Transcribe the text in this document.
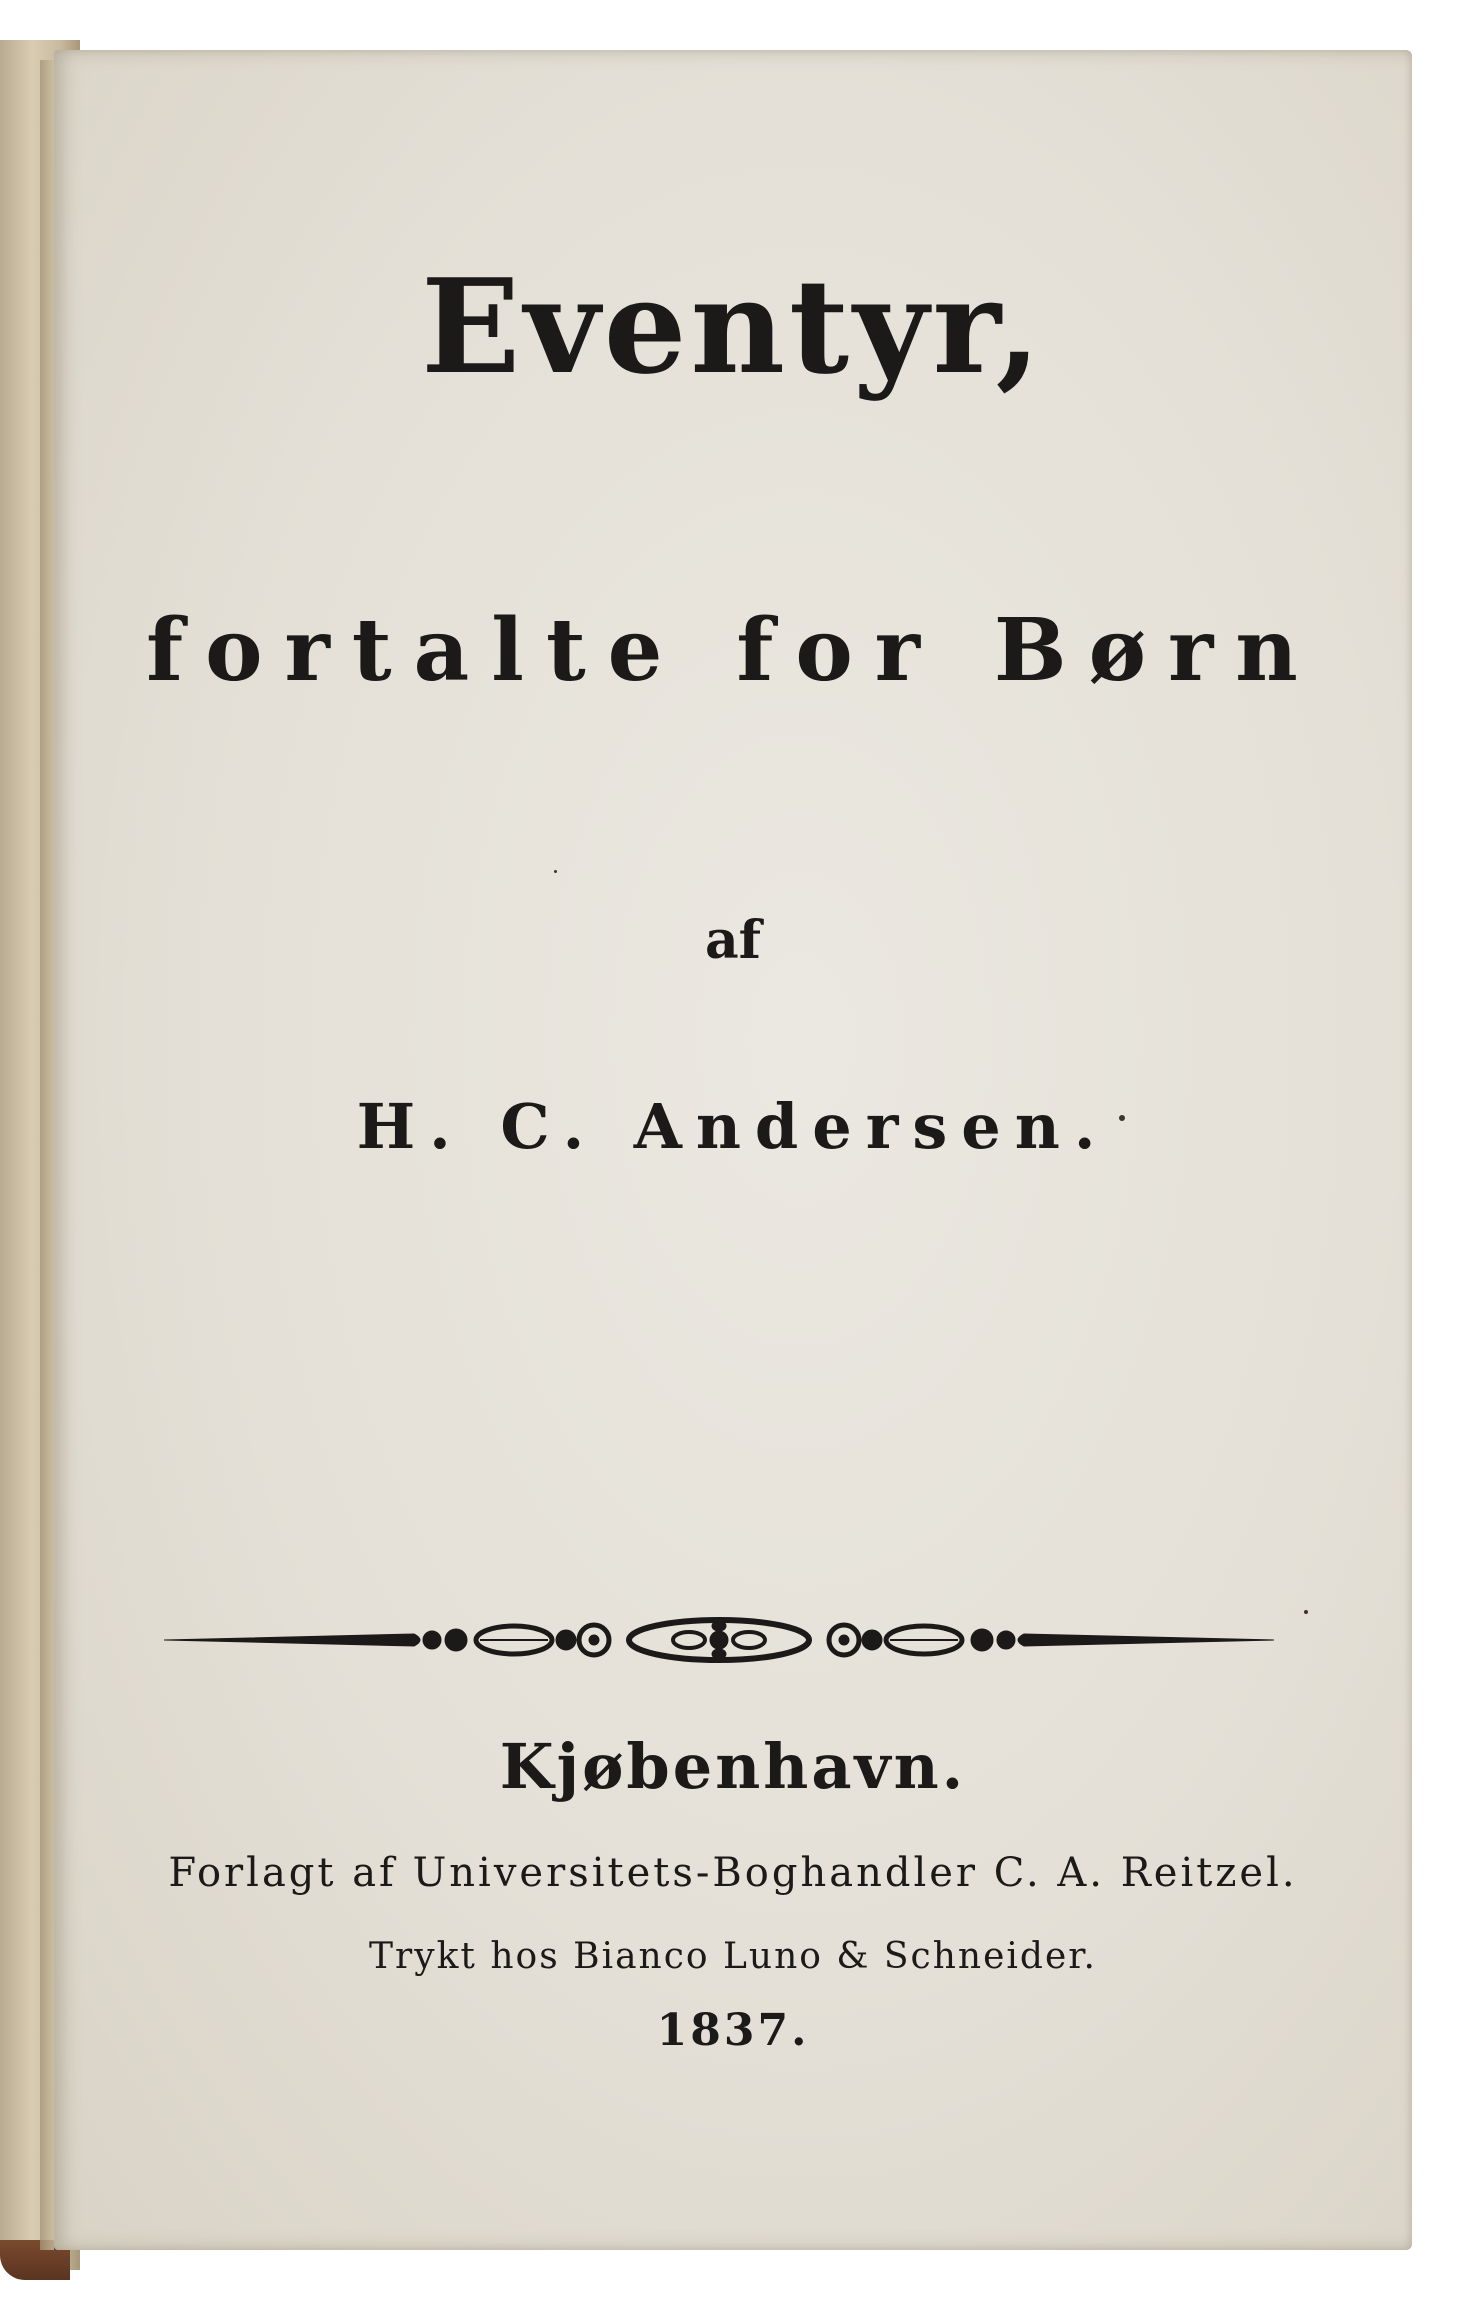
Eventyr,
fortalte for Børn

af

H. C. Andersen.

Kjøbenhavn.

Forlagt af Universitets-Boghandler C. A. Reitzel.

Trykt hos Bianco Luno & Schneider.

1837.
